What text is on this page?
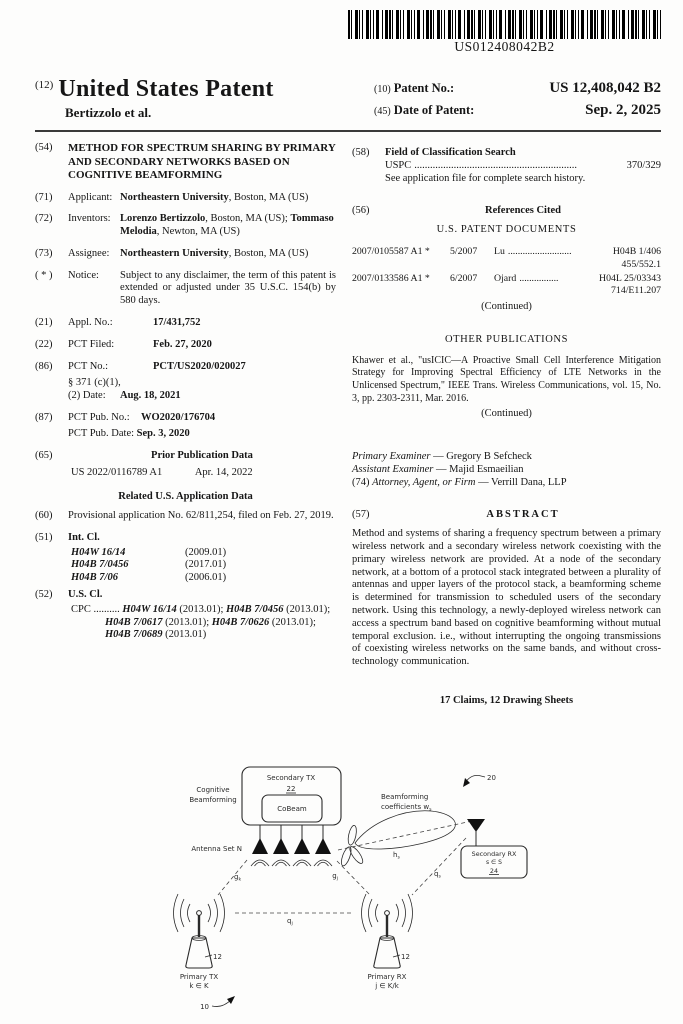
US012408042B2
$^{(12)}$ United States Patent
Bertizzolo et al.
(10) Patent No.:	US 12,408,042 B2
(45) Date of Patent:	Sep. 2, 2025
(54)	METHOD FOR SPECTRUM SHARING BY PRIMARY AND SECONDARY NETWORKS BASED ON COGNITIVE BEAMFORMING
(71)	Applicant: Northeastern University, Boston, MA (US)
(72)	Inventors: Lorenzo Bertizzolo, Boston, MA (US); Tommaso Melodia, Newton, MA (US)
(73)	Assignee:	Northeastern University, Boston, MA (US)
( * )	Notice:	Subject to any disclaimer, the term of this patent is extended or adjusted under 35 U.S.C. 154(b) by 580 days.
(21)	Appl. No.:	17/431,752
(22)	PCT Filed:	Feb. 27, 2020
(86)	PCT No.:	PCT/US2020/020027
§ 371 (c)(1),
(2) Date:	Aug. 18, 2021
(87)	PCT Pub. No.: WO2020/176704
PCT Pub. Date: Sep. 3, 2020
(65)	Prior Publication Data
US 2022/0116789 A1	Apr. 14, 2022
Related U.S. Application Data
(60)	Provisional application No. 62/811,254, filed on Feb. 27, 2019.
(51)	Int. Cl.
H04W 16/14	(2009.01)
H04B 7/0456	(2017.01)
H04B 7/06	(2006.01)
(52)	U.S. Cl.
CPC .......... H04W 16/14 (2013.01); H04B 7/0456 (2013.01); H04B 7/0617 (2013.01); H04B 7/0626 (2013.01); H04B 7/0689 (2013.01)
(58)	Field of Classification Search
USPC ..............................................................	370/329
See application file for complete search history.
(56)	References Cited
U.S. PATENT DOCUMENTS
2007/0105587 A1 *	5/2007	Lu ..........................	H04B 1/406
455/552.1
2007/0133586 A1 *	6/2007	Ojard ................	H04L 25/03343
714/E11.207
(Continued)
OTHER PUBLICATIONS
Khawer et al., "usICIC—A Proactive Small Cell Interference Mitigation Strategy for Improving Spectral Efficiency of LTE Networks in the Unlicensed Spectrum," IEEE Trans. Wireless Communications, vol. 15, No. 3, pp. 2303-2311, Mar. 2016.
(Continued)
Primary Examiner — Gregory B Sefcheck
Assistant Examiner — Majid Esmaeilian
(74) Attorney, Agent, or Firm — Verrill Dana, LLP
(57)	ABSTRACT
Method and systems of sharing a frequency spectrum between a primary wireless network and a secondary wireless network coexisting with the primary wireless network are provided. At a node of the secondary network, at a bottom of a protocol stack integrated between a plurality of antennas and upper layers of the protocol stack, a beamforming scheme is determined for transmission to scheduled users of the secondary network. Using this technology, a newly-deployed wireless network can access a spectrum band based on cognitive beamforming without mutual temporal exclusion. i.e., without interrupting the ongoing transmissions of coexisting wireless networks on the same bands, and without cross-technology communication.
17 Claims, 12 Drawing Sheets
Secondary TX
22
CoBeam
Cognitive
Beamforming
Antenna Set N
$h_s$
Beamforming
coefficients $w_s$
20
Secondary RX
s ∈ S
24
$g_k$
$g_j$
$q_s$
$q_j$
12
Primary TX
k ∈ K
12
Primary RX
j ∈ K/k
10
